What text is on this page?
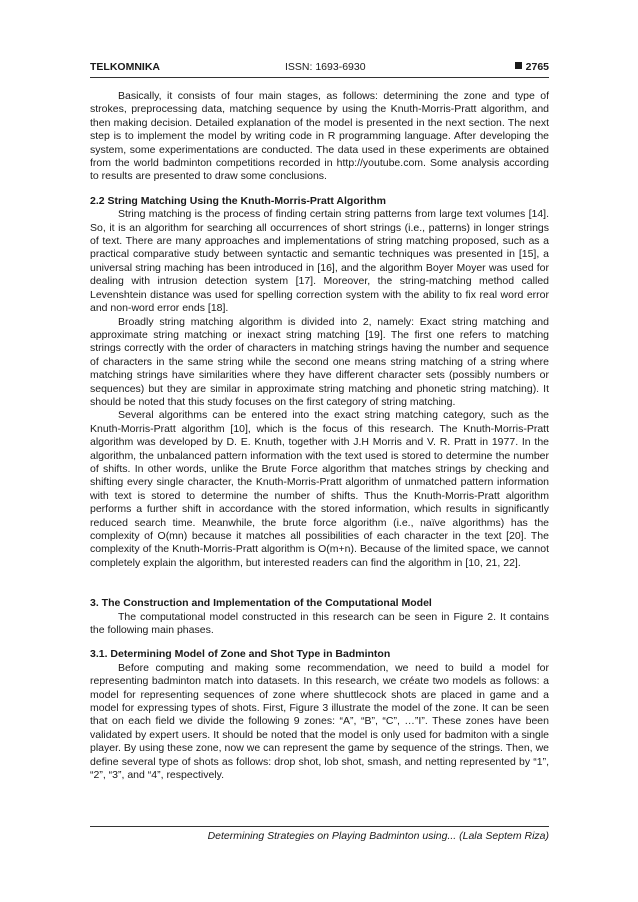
TELKOMNIKA	ISSN: 1693-6930	2765

Basically, it consists of four main stages, as follows: determining the zone and type of strokes, preprocessing data, matching sequence by using the Knuth-Morris-Pratt algorithm, and then making decision. Detailed explanation of the model is presented in the next section. The next step is to implement the model by writing code in R programming language. After developing the system, some experimentations are conducted. The data used in these experiments are obtained from the world badminton competitions recorded in http://youtube.com. Some analysis according to results are presented to draw some conclusions.

2.2 String Matching Using the Knuth-Morris-Pratt Algorithm

String matching is the process of finding certain string patterns from large text volumes [14]. So, it is an algorithm for searching all occurrences of short strings (i.e., patterns) in longer strings of text. There are many approaches and implementations of string matching proposed, such as a practical comparative study between syntactic and semantic techniques was presented in [15], a universal string maching has been introduced in [16], and the algorithm Boyer Moyer was used for dealing with intrusion detection system [17]. Moreover, the string-matching method called Levenshtein distance was used for spelling correction system with the ability to fix real word error and non-word error ends [18].

Broadly string matching algorithm is divided into 2, namely: Exact string matching and approximate string matching or inexact string matching [19]. The first one refers to matching strings correctly with the order of characters in matching strings having the number and sequence of characters in the same string while the second one means string matching of a string where matching strings have similarities where they have different character sets (possibly numbers or sequences) but they are similar in approximate string matching and phonetic string matching). It should be noted that this study focuses on the first category of string matching.

Several algorithms can be entered into the exact string matching category, such as the Knuth-Morris-Pratt algorithm [10], which is the focus of this research. The Knuth-Morris-Pratt algorithm was developed by D. E. Knuth, together with J.H Morris and V. R. Pratt in 1977. In the algorithm, the unbalanced pattern information with the text used is stored to determine the number of shifts. In other words, unlike the Brute Force algorithm that matches strings by checking and shifting every single character, the Knuth-Morris-Pratt algorithm of unmatched pattern information with text is stored to determine the number of shifts. Thus the Knuth-Morris-Pratt algorithm performs a further shift in accordance with the stored information, which results in significantly reduced search time. Meanwhile, the brute force algorithm (i.e., naïve algorithms) has the complexity of O(mn) because it matches all possibilities of each character in the text [20]. The complexity of the Knuth-Morris-Pratt algorithm is O(m+n). Because of the limited space, we cannot completely explain the algorithm, but interested readers can find the algorithm in [10, 21, 22].

3. The Construction and Implementation of the Computational Model

The computational model constructed in this research can be seen in Figure 2. It contains the following main phases.

3.1. Determining Model of Zone and Shot Type in Badminton

Before computing and making some recommendation, we need to build a model for representing badminton match into datasets. In this research, we créate two models as follows: a model for representing sequences of zone where shuttlecock shots are placed in game and a model for expressing types of shots. First, Figure 3 illustrate the model of the zone. It can be seen that on each field we divide the following 9 zones: “A”, “B”, “C”, …”I”. These zones have been validated by expert users. It should be noted that the model is only used for badmiton with a single player. By using these zone, now we can represent the game by sequence of the strings. Then, we define several type of shots as follows: drop shot, lob shot, smash, and netting represented by “1”, “2”, “3”, and “4”, respectively.

Determining Strategies on Playing Badminton using... (Lala Septem Riza)
